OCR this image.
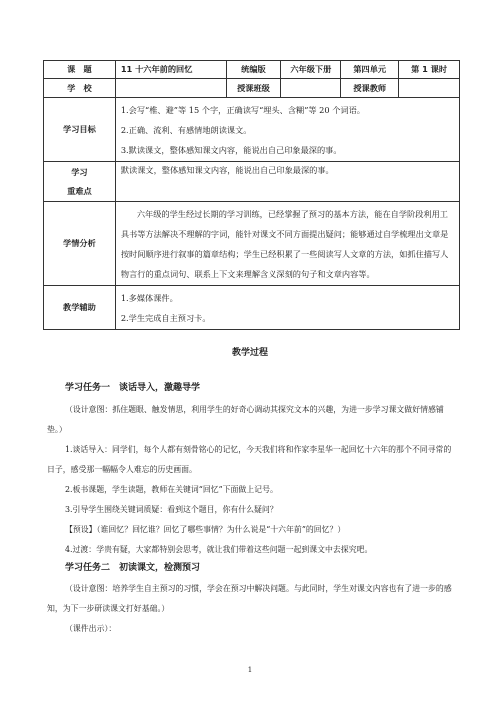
课　题	11 十六年前的回忆	统编版	六年级下册	第四单元	第 1 课时
学　校		授课班级		授课教师	
学习目标	1.会写“椎、避”等 15 个字，正确读写“埋头、含糊”等 20 个词语。
2.正确、流利、有感情地朗读课文。
3.默读课文，整体感知课文内容，能说出自己印象最深的事。				

学习
重难点	默读课文，整体感知课文内容，能说出自己印象最深的事。				
学情分析	六年级的学生经过长期的学习训练，已经掌握了预习的基本方法，能在自学阶段利用工具书等方法解决不理解的字词，能针对课文不同方面提出疑问；能够通过自学梳理出文章是按时间顺序进行叙事的篇章结构；学生已经积累了一些阅读写人文章的方法，如抓住描写人物言行的重点词句、联系上下文来理解含义深刻的句子和文章内容等。				
教学辅助	1.多媒体课件。
2.学生完成自主预习卡。				
教学过程
学习任务一　谈话导入，激趣导学

（设计意图：抓住题眼、触发情思，利用学生的好奇心调动其探究文本的兴趣，为进一步学习课文做好情感铺垫。）

1.谈话导入：同学们，每个人都有刻骨铭心的记忆，今天我们将和作家李星华一起回忆十六年的那个不同寻常的日子，感受那一幅幅令人难忘的历史画面。

2.板书课题，学生读题，教师在关键词“回忆”下面做上记号。

3.引导学生围绕关键词质疑：看到这个题目，你有什么疑问？

【预设】（谁回忆？回忆谁？回忆了哪些事情？为什么说是“十六年前”的回忆？）

4.过渡：学贵有疑，大家都特别会思考，就让我们带着这些问题一起到课文中去探究吧。

学习任务二　初读课文，检测预习

（设计意图：培养学生自主预习的习惯，学会在预习中解决问题。与此同时，学生对课文内容也有了进一步的感知，为下一步研读课文打好基础。）

（课件出示）：

1
